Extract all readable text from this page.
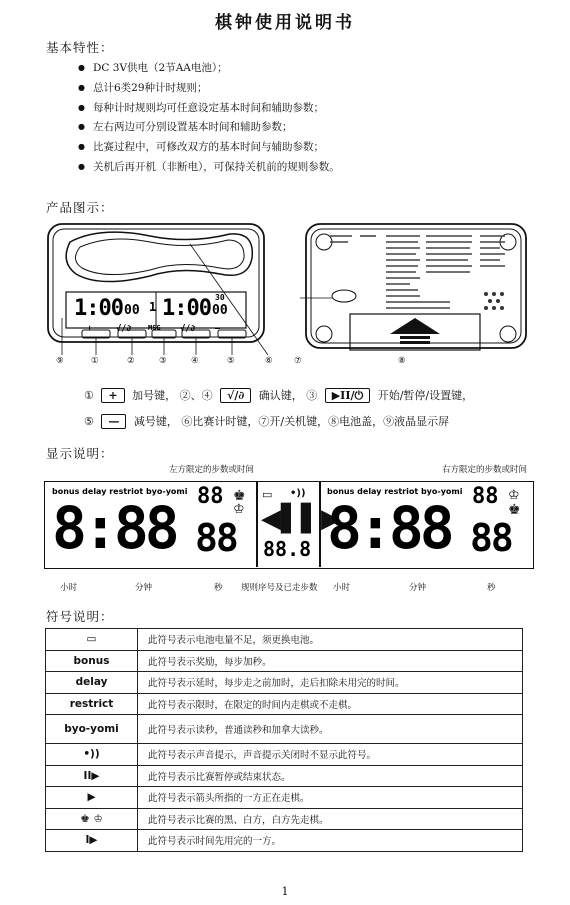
棋钟使用说明书
基本特性：
● DC 3V供电（2节AA电池）；
● 总计6类29种计时规则；
● 每种计时规则均可任意设定基本时间和辅助参数；
● 左右两边可分别设置基本时间和辅助参数；
● 比赛过程中，可修改双方的基本时间与辅助参数；
● 关机后再开机（非断电），可保持关机前的规则参数。
产品图示：
1:00 00 1 1:00 00
30
+	√/∂ MSG √/∂ —
⑨	①	②	③	④	⑤	⑥	⑦	⑧
① + 加号键， ②、④ √/∂ 确认键， ③ ▶II/⏻ 开始/暂停/设置键，
⑤ — 减号键， ⑥比赛计时键，⑦开/关机键，⑧电池盖，⑨液晶显示屏
显示说明：
左方限定的步数或时间	右方限定的步数或时间
bonus delay restriot byo-yomi	bonus delay restriot byo-yomi
8:88 88
88
♚
♔
▭ •))
◀▌▌▶
88.8 8:88 88
88
♔
♚
小时	分钟	秒 规则序号及已走步数 小时	分钟	秒
符号说明：
▭	此符号表示电池电量不足，须更换电池。
bonus	此符号表示奖励，每步加秒。
delay	此符号表示延时，每步走之前加时，走后扣除未用完的时间。
restrict	此符号表示限时，在限定的时间内走棋或不走棋。
byo-yomi	此符号表示读秒，普通读秒和加拿大读秒。
•))	此符号表示声音提示，声音提示关闭时不显示此符号。
II▶	此符号表示比赛暂停或结束状态。
▶	此符号表示箭头所指的一方正在走棋。
♚ ♔	此符号表示比赛的黑、白方，白方先走棋。
I▶	此符号表示时间先用完的一方。
1
